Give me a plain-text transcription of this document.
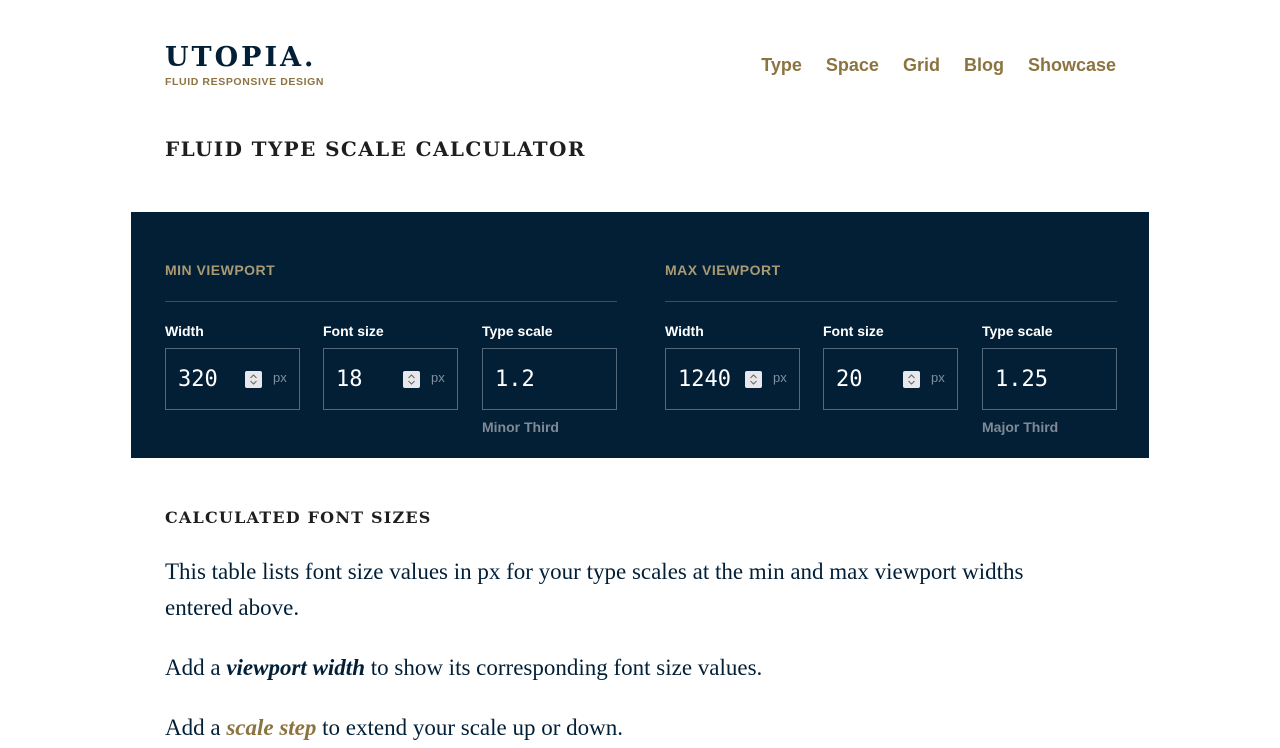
UTOPIA.
FLUID RESPONSIVE DESIGN
Type Space Grid Blog Showcase
FLUID TYPE SCALE CALCULATOR
MIN VIEWPORT
Width
320	px
Font size
18	px
Type scale
1.2
Minor Third
MAX VIEWPORT
Width
1240	px
Font size
20	px
Type scale
1.25
Major Third
CALCULATED FONT SIZES

This table lists font size values in px for your type scales at the min and max viewport widths entered above.

Add a viewport width to show its corresponding font size values.

Add a scale step to extend your scale up or down.
